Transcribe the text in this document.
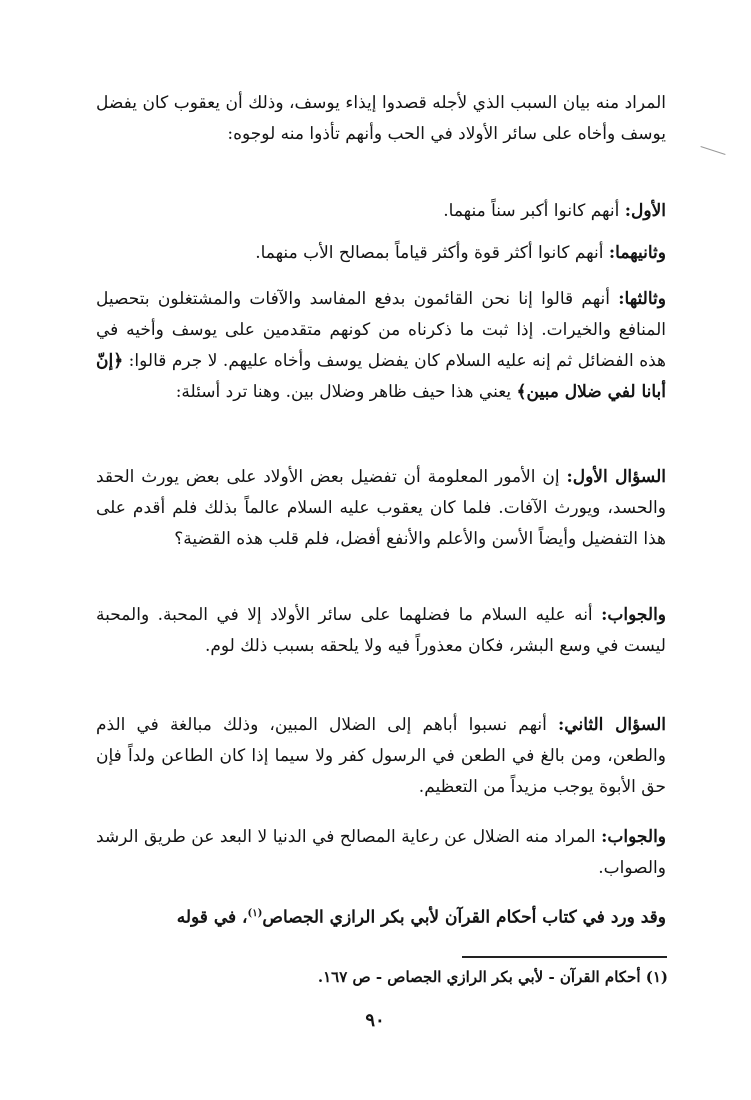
المراد منه بيان السبب الذي لأجله قصدوا إيذاء يوسف، وذلك أن يعقوب كان يفضل يوسف وأخاه على سائر الأولاد في الحب وأنهم تأذوا منه لوجوه:

الأول: أنهم كانوا أكبر سناً منهما.

وثانيهما: أنهم كانوا أكثر قوة وأكثر قياماً بمصالح الأب منهما.

وثالثها: أنهم قالوا إنا نحن القائمون بدفع المفاسد والآفات والمشتغلون بتحصيل المنافع والخيرات. إذا ثبت ما ذكرناه من كونهم متقدمين على يوسف وأخيه في هذه الفضائل ثم إنه عليه السلام كان يفضل يوسف وأخاه عليهم. لا جرم قالوا: ﴿إنّ أبانا لفي ضلال مبين﴾ يعني هذا حيف ظاهر وضلال بين. وهنا ترد أسئلة:

السؤال الأول: إن الأمور المعلومة أن تفضيل بعض الأولاد على بعض يورث الحقد والحسد، ويورث الآفات. فلما كان يعقوب عليه السلام عالماً بذلك فلم أقدم على هذا التفضيل وأيضاً الأسن والأعلم والأنفع أفضل، فلم قلب هذه القضية؟

والجواب: أنه عليه السلام ما فضلهما على سائر الأولاد إلا في المحبة. والمحبة ليست في وسع البشر، فكان معذوراً فيه ولا يلحقه بسبب ذلك لوم.

السؤال الثاني: أنهم نسبوا أباهم إلى الضلال المبين، وذلك مبالغة في الذم والطعن، ومن بالغ في الطعن في الرسول كفر ولا سيما إذا كان الطاعن ولداً فإن حق الأبوة يوجب مزيداً من التعظيم.

والجواب: المراد منه الضلال عن رعاية المصالح في الدنيا لا البعد عن طريق الرشد والصواب.

وقد ورد في كتاب أحكام القرآن لأبي بكر الرازي الجصاص$^{(١)}$، في قوله

(١) أحكام القرآن - لأبي بكر الرازي الجصاص - ص ١٦٧.
٩٠
